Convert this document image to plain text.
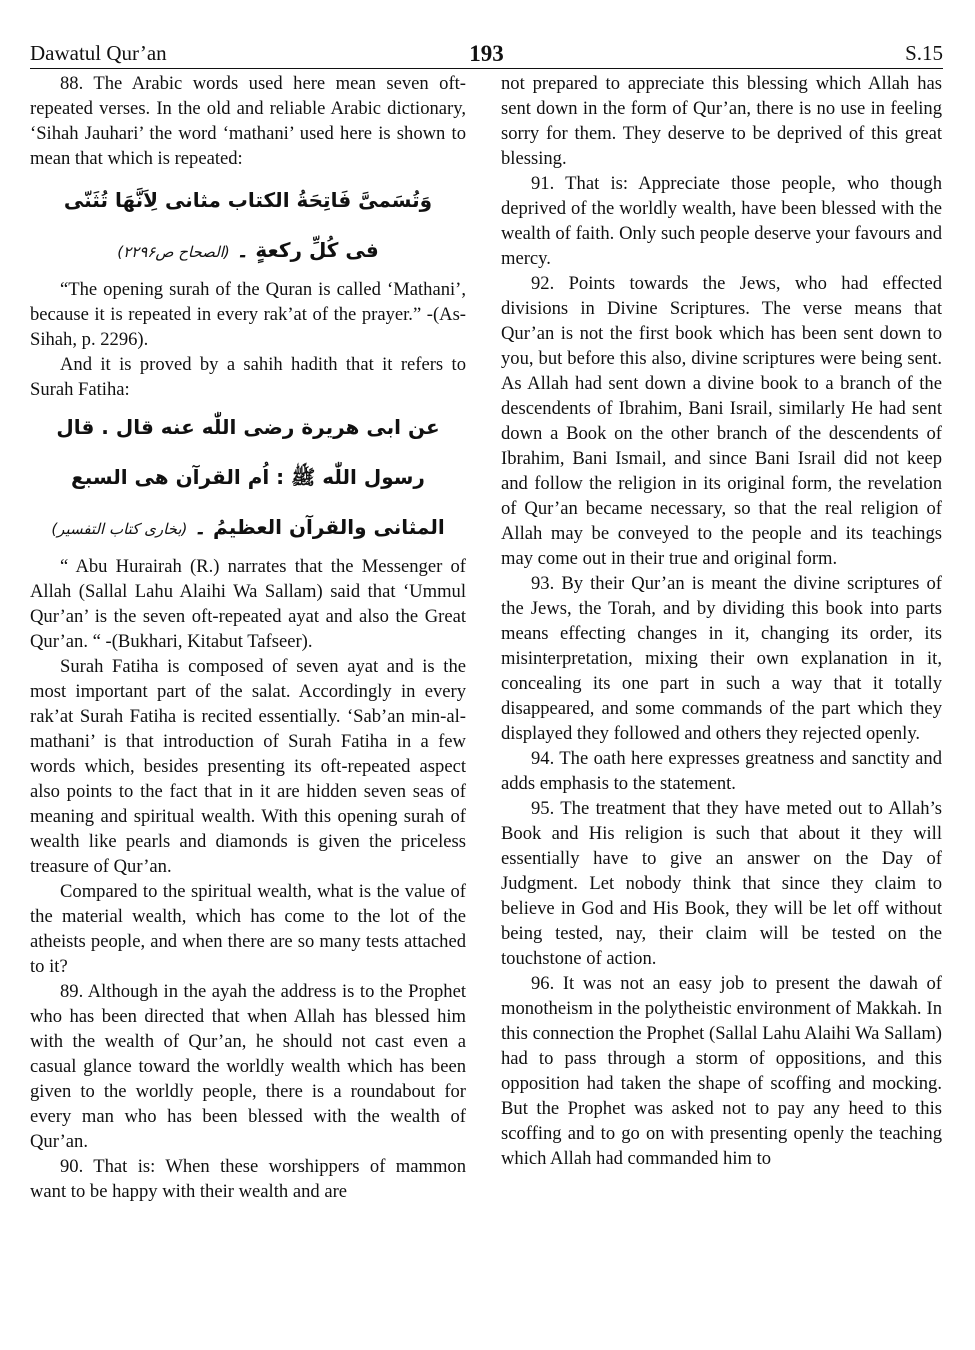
Dawatul Qur’an	193	S.15

88. The Arabic words used here mean seven oft-repeated verses. In the old and reliable Arabic dictionary, ‘Sihah Jauhari’ the word ‘mathani’ used here is shown to mean that which is repeated:

وَتُسَمىَّ فَاتِحَةُ الكتاب مثانى لِاَنَّهَا تُثَنّى
فى كُلِّ ركعةٍ ۔ (الصحاح ص۲۲۹۶)

“The opening surah of the Quran is called ‘Mathani’, because it is repeated in every rak’at of the prayer.” -(As-Sihah, p. 2296).

And it is proved by a sahih hadith that it refers to Surah Fatiha:

عن ابى هريرة رضى اللّٰه عنه قال . قال
رسول اللّٰه ﷺ : اُم القرآن هى السبع
المثانى والقرآن العظيمُ ۔ (بخارى كتاب التفسير)

“ Abu Hurairah (R.) narrates that the Messenger of Allah (Sallal Lahu Alaihi Wa Sallam) said that ‘Ummul Qur’an’ is the seven oft-repeated ayat and also the Great Qur’an. “ -(Bukhari, Kitabut Tafseer).

Surah Fatiha is composed of seven ayat and is the most important part of the salat. Accordingly in every rak’at Surah Fatiha is recited essentially. ‘Sab’an min-al-mathani’ is that introduction of Surah Fatiha in a few words which, besides presenting its oft-repeated aspect also points to the fact that in it are hidden seven seas of meaning and spiritual wealth. With this opening surah of wealth like pearls and diamonds is given the priceless treasure of Qur’an.

Compared to the spiritual wealth, what is the value of the material wealth, which has come to the lot of the atheists people, and when there are so many tests attached to it?

89. Although in the ayah the address is to the Prophet who has been directed that when Allah has blessed him with the wealth of Qur’an, he should not cast even a casual glance toward the worldly wealth which has been given to the worldly people, there is a roundabout for every man who has been blessed with the wealth of Qur’an.

90. That is: When these worshippers of mammon want to be happy with their wealth and are

not prepared to appreciate this blessing which Allah has sent down in the form of Qur’an, there is no use in feeling sorry for them. They deserve to be deprived of this great blessing.

91. That is: Appreciate those people, who though deprived of the worldly wealth, have been blessed with the wealth of faith. Only such people deserve your favours and mercy.

92. Points towards the Jews, who had effected divisions in Divine Scriptures. The verse means that Qur’an is not the first book which has been sent down to you, but before this also, divine scriptures were being sent. As Allah had sent down a divine book to a branch of the descendents of Ibrahim, Bani Israil, similarly He had sent down a Book on the other branch of the descendents of Ibrahim, Bani Ismail, and since Bani Israil did not keep and follow the religion in its original form, the revelation of Qur’an became necessary, so that the real religion of Allah may be conveyed to the people and its teachings may come out in their true and original form.

93. By their Qur’an is meant the divine scriptures of the Jews, the Torah, and by dividing this book into parts means effecting changes in it, changing its order, its misinterpretation, mixing their own explanation in it, concealing its one part in such a way that it totally disappeared, and some commands of the part which they displayed they followed and others they rejected openly.

94. The oath here expresses greatness and sanctity and adds emphasis to the statement.

95. The treatment that they have meted out to Allah’s Book and His religion is such that about it they will essentially have to give an answer on the Day of Judgment. Let nobody think that since they claim to believe in God and His Book, they will be let off without being tested, nay, their claim will be tested on the touchstone of action.

96. It was not an easy job to present the dawah of monotheism in the polytheistic environment of Makkah. In this connection the Prophet (Sallal Lahu Alaihi Wa Sallam) had to pass through a storm of oppositions, and this opposition had taken the shape of scoffing and mocking. But the Prophet was asked not to pay any heed to this scoffing and to go on with presenting openly the teaching which Allah had commanded him to
